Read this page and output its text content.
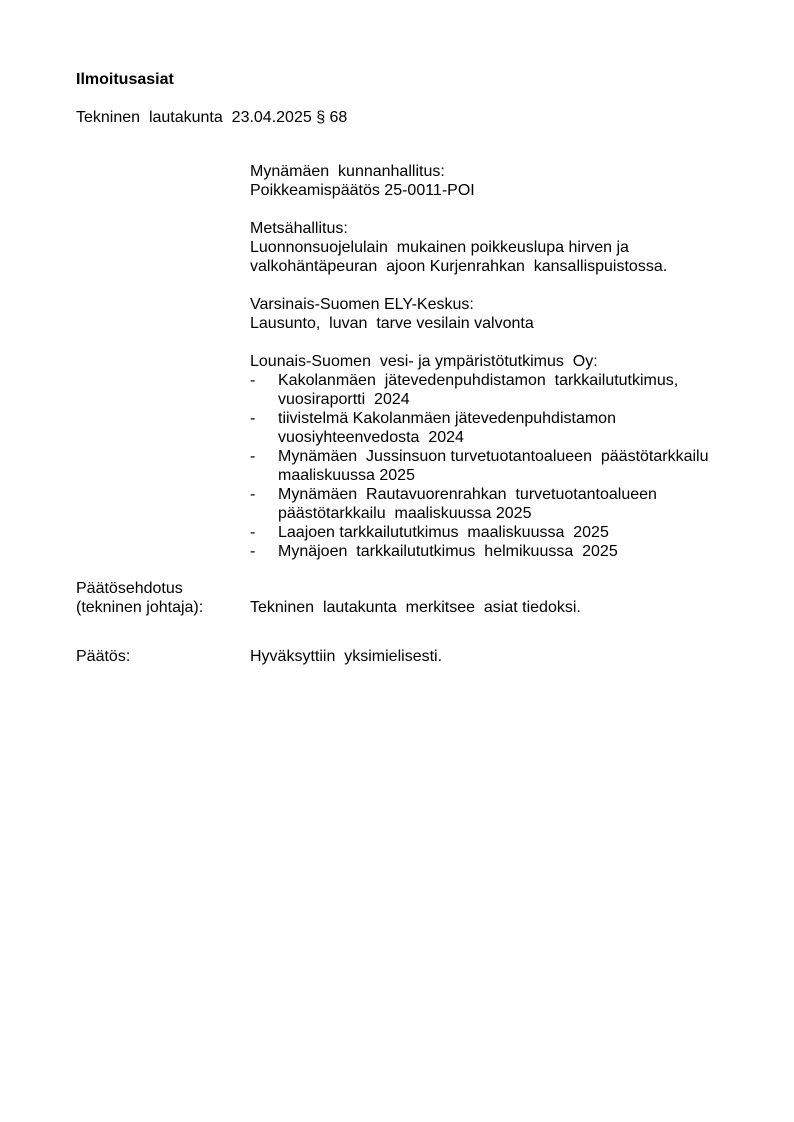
Ilmoitusasiat
Tekninen  lautakunta  23.04.2025 § 68
Mynämäen  kunnanhallitus:
Poikkeamispäätös 25-0011-POI
Metsähallitus:
Luonnonsuojelulain  mukainen poikkeuslupa hirven ja
valkohäntäpeuran  ajoon Kurjenrahkan  kansallispuistossa.
Varsinais-Suomen ELY-Keskus:
Lausunto,  luvan  tarve vesilain valvonta
Lounais-Suomen  vesi- ja ympäristötutkimus  Oy:
-	Kakolanmäen  jätevedenpuhdistamon  tarkkailututkimus,
vuosiraportti  2024
-	tiivistelmä Kakolanmäen jätevedenpuhdistamon
vuosiyhteenvedosta  2024
-	Mynämäen  Jussinsuon turvetuotantoalueen  päästötarkkailu
maaliskuussa 2025
-	Mynämäen  Rautavuorenrahkan  turvetuotantoalueen
päästötarkkailu  maaliskuussa 2025
-	Laajoen tarkkailututkimus  maaliskuussa  2025
-	Mynäjoen  tarkkailututkimus  helmikuussa  2025
Päätösehdotus
(tekninen johtaja):	Tekninen  lautakunta  merkitsee  asiat tiedoksi.
Päätös:	Hyväksyttiin  yksimielisesti.
